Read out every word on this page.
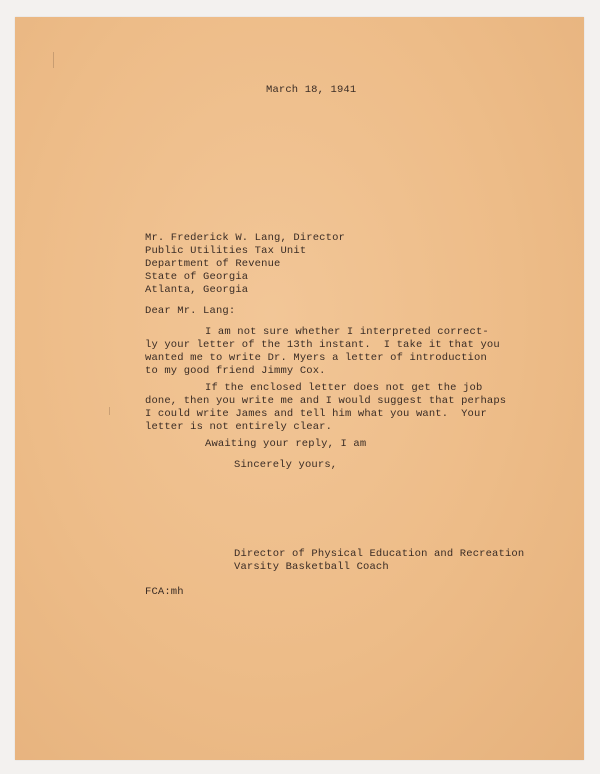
March 18, 1941
Mr. Frederick W. Lang, Director
Public Utilities Tax Unit
Department of Revenue
State of Georgia
Atlanta, Georgia
Dear Mr. Lang:
I am not sure whether I interpreted correct-
ly your letter of the 13th instant.  I take it that you
wanted me to write Dr. Myers a letter of introduction
to my good friend Jimmy Cox.
If the enclosed letter does not get the job
done, then you write me and I would suggest that perhaps
I could write James and tell him what you want.  Your
letter is not entirely clear.
Awaiting your reply, I am
Sincerely yours,
Director of Physical Education and Recreation
Varsity Basketball Coach
FCA:mh
